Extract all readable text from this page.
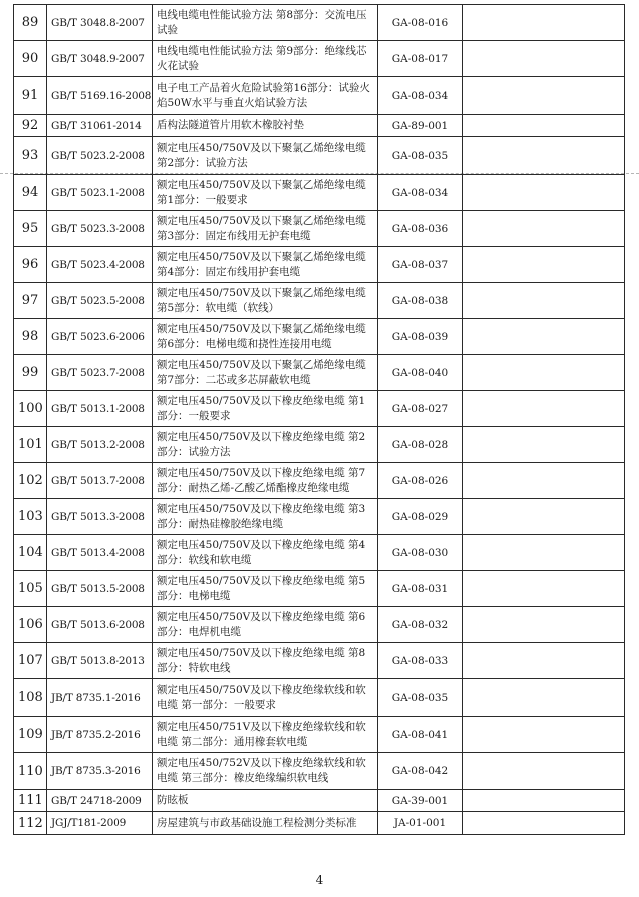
89	GB/T 3048.8-2007	电线电缆电性能试验方法 第8部分：交流电压试验	GA-08-016	
90	GB/T 3048.9-2007	电线电缆电性能试验方法 第9部分：绝缘线芯火花试验	GA-08-017	
91	GB/T 5169.16-2008	电子电工产品着火危险试验第16部分：试验火焰50W水平与垂直火焰试验方法	GA-08-034	
92	GB/T 31061-2014	盾构法隧道管片用软木橡胶衬垫	GA-89-001	
93	GB/T 5023.2-2008	额定电压450/750V及以下聚氯乙烯绝缘电缆 第2部分：试验方法	GA-08-035	
94	GB/T 5023.1-2008	额定电压450/750V及以下聚氯乙烯绝缘电缆 第1部分：一般要求	GA-08-034	
95	GB/T 5023.3-2008	额定电压450/750V及以下聚氯乙烯绝缘电缆 第3部分：固定布线用无护套电缆	GA-08-036	
96	GB/T 5023.4-2008	额定电压450/750V及以下聚氯乙烯绝缘电缆 第4部分：固定布线用护套电缆	GA-08-037	
97	GB/T 5023.5-2008	额定电压450/750V及以下聚氯乙烯绝缘电缆 第5部分：软电缆（软线）	GA-08-038	
98	GB/T 5023.6-2006	额定电压450/750V及以下聚氯乙烯绝缘电缆 第6部分：电梯电缆和挠性连接用电缆	GA-08-039	
99	GB/T 5023.7-2008	额定电压450/750V及以下聚氯乙烯绝缘电缆 第7部分：二芯或多芯屏蔽软电缆	GA-08-040	
100	GB/T 5013.1-2008	额定电压450/750V及以下橡皮绝缘电缆 第1部分：一般要求	GA-08-027	
101	GB/T 5013.2-2008	额定电压450/750V及以下橡皮绝缘电缆 第2部分：试验方法	GA-08-028	
102	GB/T 5013.7-2008	额定电压450/750V及以下橡皮绝缘电缆 第7部分：耐热乙烯-乙酸乙烯酯橡皮绝缘电缆	GA-08-026	
103	GB/T 5013.3-2008	额定电压450/750V及以下橡皮绝缘电缆 第3部分：耐热硅橡胶绝缘电缆	GA-08-029	
104	GB/T 5013.4-2008	额定电压450/750V及以下橡皮绝缘电缆 第4部分：软线和软电缆	GA-08-030	
105	GB/T 5013.5-2008	额定电压450/750V及以下橡皮绝缘电缆 第5部分：电梯电缆	GA-08-031	
106	GB/T 5013.6-2008	额定电压450/750V及以下橡皮绝缘电缆 第6部分：电焊机电缆	GA-08-032	
107	GB/T 5013.8-2013	额定电压450/750V及以下橡皮绝缘电缆 第8部分：特软电线	GA-08-033	
108	JB/T 8735.1-2016	额定电压450/750V及以下橡皮绝缘软线和软电缆 第一部分：一般要求	GA-08-035	
109	JB/T 8735.2-2016	额定电压450/751V及以下橡皮绝缘软线和软电缆 第二部分：通用橡套软电缆	GA-08-041	
110	JB/T 8735.3-2016	额定电压450/752V及以下橡皮绝缘软线和软电缆 第三部分：橡皮绝缘编织软电线	GA-08-042	
111	GB/T 24718-2009	防眩板	GA-39-001	
112	JGJ/T181-2009	房屋建筑与市政基础设施工程检测分类标准	JA-01-001	
4
